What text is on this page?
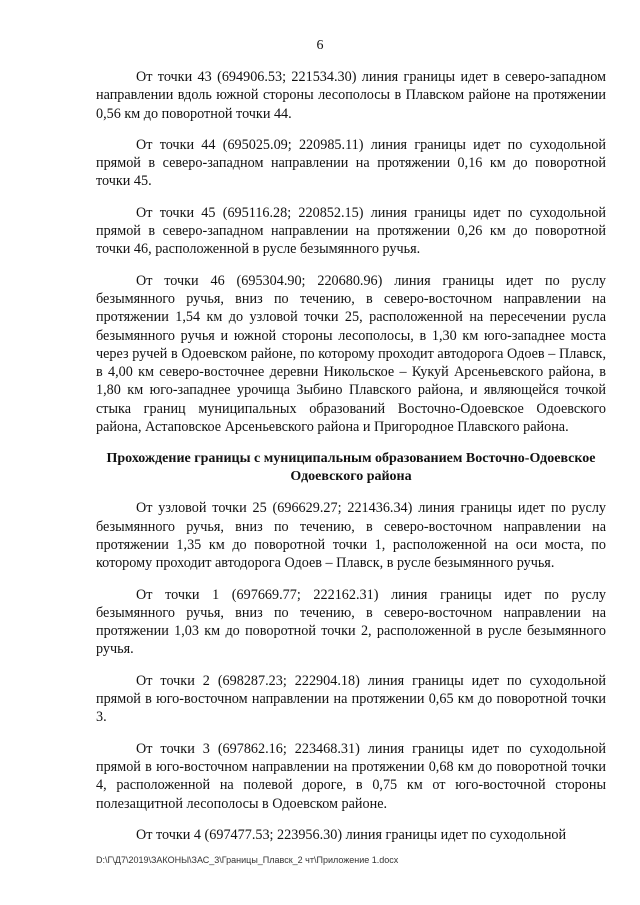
6

От точки 43 (694906.53; 221534.30) линия границы идет в северо-западном направлении вдоль южной стороны лесополосы в Плавском районе на протяжении 0,56 км до поворотной точки 44.

От точки 44 (695025.09; 220985.11) линия границы идет по суходольной прямой в северо-западном направлении на протяжении 0,16 км до поворотной точки 45.

От точки 45 (695116.28; 220852.15) линия границы идет по суходольной прямой в северо-западном направлении на протяжении 0,26 км до поворотной точки 46, расположенной в русле безымянного ручья.

От точки 46 (695304.90; 220680.96) линия границы идет по руслу безымянного ручья, вниз по течению, в северо-восточном направлении на протяжении 1,54 км до узловой точки 25, расположенной на пересечении русла безымянного ручья и южной стороны лесополосы, в 1,30 км юго-западнее моста через ручей в Одоевском районе, по которому проходит автодорога Одоев – Плавск, в 4,00 км северо-восточнее деревни Никольское – Кукуй Арсеньевского района, в 1,80 км юго-западнее урочища Зыбино Плавского района, и являющейся точкой стыка границ муниципальных образований Восточно-Одоевское Одоевского района, Астаповское Арсеньевского района и Пригородное Плавского района.

Прохождение границы с муниципальным образованием Восточно-Одоевское Одоевского района

От узловой точки 25 (696629.27; 221436.34) линия границы идет по руслу безымянного ручья, вниз по течению, в северо-восточном направлении на протяжении 1,35 км до поворотной точки 1, расположенной на оси моста, по которому проходит автодорога Одоев – Плавск, в русле безымянного ручья.

От точки 1 (697669.77; 222162.31) линия границы идет по руслу безымянного ручья, вниз по течению, в северо-восточном направлении на протяжении 1,03 км до поворотной точки 2, расположенной в русле безымянного ручья.

От точки 2 (698287.23; 222904.18) линия границы идет по суходольной прямой в юго-восточном направлении на протяжении 0,65 км до поворотной точки 3.

От точки 3 (697862.16; 223468.31) линия границы идет по суходольной прямой в юго-восточном направлении на протяжении 0,68 км до поворотной точки 4, расположенной на полевой дороге, в 0,75 км от юго-восточной стороны полезащитной лесополосы в Одоевском районе.

От точки 4 (697477.53; 223956.30) линия границы идет по суходольной

D:\Г\Д7\2019\ЗАКОНЫ\ЗАС_3\Границы_Плавск_2 чт\Приложение 1.docx
